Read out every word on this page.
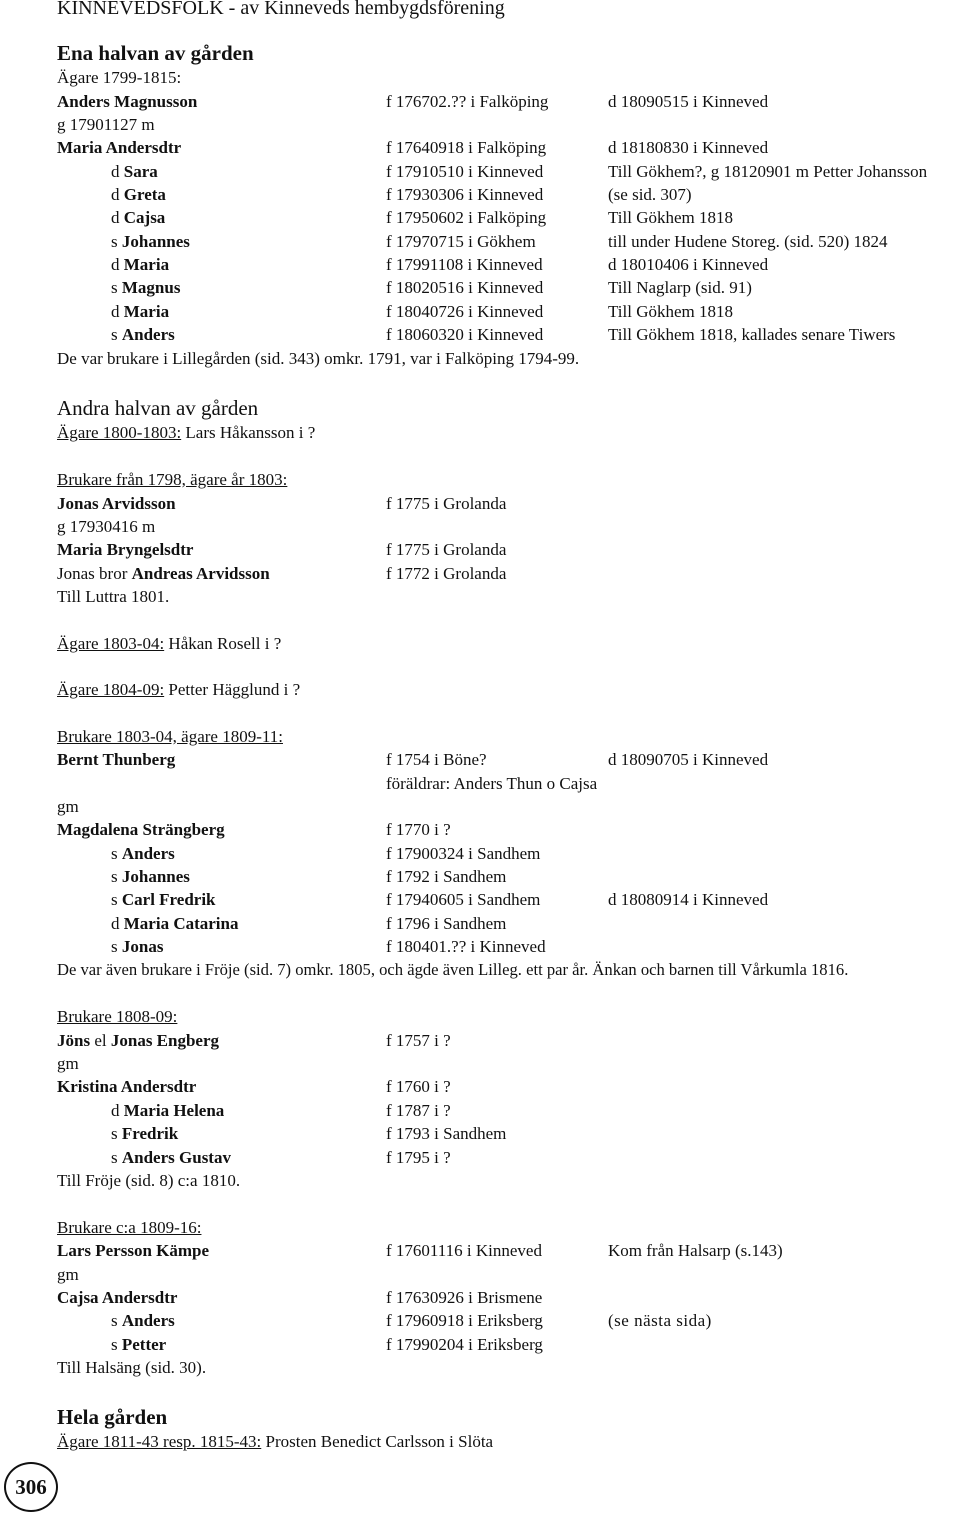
KINNEVEDSFOLK - av Kinneveds hembygdsförening
Ena halvan av gården
Ägare 1799-1815:
Anders Magnusson	f 176702.?? i Falköping	d 18090515 i Kinneved
g 17901127 m
Maria Andersdtr	f 17640918 i Falköping	d 18180830 i Kinneved
d Sara	f 17910510 i Kinneved	Till Gökhem?, g 18120901 m Petter Johansson
d Greta	f 17930306 i Kinneved	(se sid. 307)
d Cajsa	f 17950602 i Falköping	Till Gökhem 1818
s Johannes	f 17970715 i Gökhem	till under Hudene Storeg. (sid. 520) 1824
d Maria	f 17991108 i Kinneved	d 18010406 i Kinneved
s Magnus	f 18020516 i Kinneved	Till Naglarp (sid. 91)
d Maria	f 18040726 i Kinneved	Till Gökhem 1818
s Anders	f 18060320 i Kinneved	Till Gökhem 1818, kallades senare Tiwers
De var brukare i Lillegården (sid. 343) omkr. 1791, var i Falköping 1794-99.
Andra halvan av gården
Ägare 1800-1803: Lars Håkansson i ?
Brukare från 1798, ägare år 1803:
Jonas Arvidsson	f 1775 i Grolanda
g 17930416 m
Maria Bryngelsdtr	f 1775 i Grolanda
Jonas bror Andreas Arvidsson	f 1772 i Grolanda
Till Luttra 1801.
Ägare 1803-04: Håkan Rosell i ?
Ägare 1804-09: Petter Hägglund i ?
Brukare 1803-04, ägare 1809-11:
Bernt Thunberg	f 1754 i Böne?	d 18090705 i Kinneved
föräldrar: Anders Thun o Cajsa
gm
Magdalena Strängberg	f 1770 i ?
s Anders	f 17900324 i Sandhem
s Johannes	f 1792 i Sandhem
s Carl Fredrik	f 17940605 i Sandhem	d 18080914 i Kinneved
d Maria Catarina	f 1796 i Sandhem
s Jonas	f 180401.?? i Kinneved
De var även brukare i Fröje (sid. 7) omkr. 1805, och ägde även Lilleg. ett par år. Änkan och barnen till Vårkumla 1816.
Brukare 1808-09:
Jöns el Jonas Engberg	f 1757 i ?
gm
Kristina Andersdtr	f 1760 i ?
d Maria Helena	f 1787 i ?
s Fredrik	f 1793 i Sandhem
s Anders Gustav	f 1795 i ?
Till Fröje (sid. 8) c:a 1810.
Brukare c:a 1809-16:
Lars Persson Kämpe	f 17601116 i Kinneved	Kom från Halsarp (s.143)
gm
Cajsa Andersdtr	f 17630926 i Brismene
s Anders	f 17960918 i Eriksberg	(se nästa sida)
s Petter	f 17990204 i Eriksberg
Till Halsäng (sid. 30).
Hela gården
Ägare 1811-43 resp. 1815-43: Prosten Benedict Carlsson i Slöta
306
